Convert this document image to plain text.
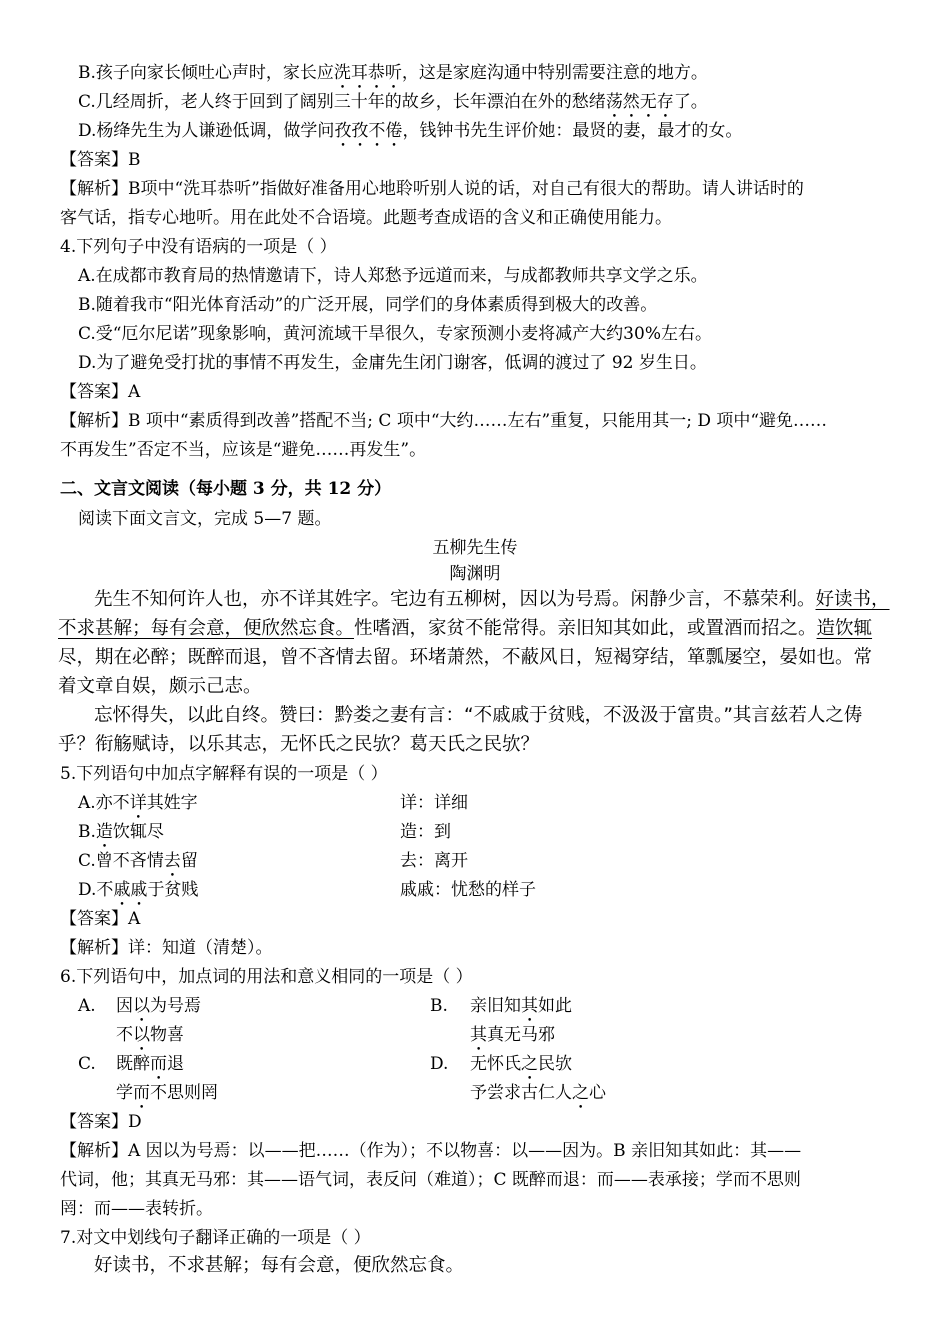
B.孩子向家长倾吐心声时，家长应洗耳恭听，这是家庭沟通中特别需要注意的地方。
C.几经周折，老人终于回到了阔别三十年的故乡，长年漂泊在外的愁绪荡然无存了。
D.杨绛先生为人谦逊低调，做学问孜孜不倦，钱钟书先生评价她：最贤的妻，最才的女。
【答案】B
【解析】B项中“洗耳恭听”指做好准备用心地聆听别人说的话，对自己有很大的帮助。请人讲话时的
客气话，指专心地听。用在此处不合语境。此题考查成语的含义和正确使用能力。
4.下列句子中没有语病的一项是（ ）
A.在成都市教育局的热情邀请下，诗人郑愁予远道而来，与成都教师共享文学之乐。
B.随着我市“阳光体育活动”的广泛开展，同学们的身体素质得到极大的改善。
C.受“厄尔尼诺”现象影响，黄河流域干旱很久，专家预测小麦将减产大约30%左右。
D.为了避免受打扰的事情不再发生，金庸先生闭门谢客，低调的渡过了 92 岁生日。
【答案】A
【解析】B 项中“素质得到改善”搭配不当; C 项中“大约……左右”重复，只能用其一; D 项中“避免……
不再发生”否定不当，应该是“避免……再发生”。
二、文言文阅读（每小题 3 分，共 12 分）
阅读下面文言文，完成 5—7 题。
五柳先生传
陶渊明
先生不知何许人也，亦不详其姓字。宅边有五柳树，因以为号焉。闲静少言，不慕荣利。好读书，
不求甚解；每有会意，便欣然忘食。性嗜酒，家贫不能常得。亲旧知其如此，或置酒而招之。造饮辄
尽，期在必醉；既醉而退，曾不吝情去留。环堵萧然，不蔽风日，短褐穿结，箪瓢屡空，晏如也。常
着文章自娱，颇示己志。
忘怀得失，以此自终。赞曰：黔娄之妻有言：“不戚戚于贫贱，不汲汲于富贵。”其言兹若人之俦
乎？衔觞赋诗，以乐其志，无怀氏之民欤？葛天氏之民欤？
5.下列语句中加点字解释有误的一项是（ ）
A.亦不详其姓字	详：详细
B.造饮辄尽	造：到
C.曾不吝情去留	去：离开
D.不戚戚于贫贱	戚戚：忧愁的样子
【答案】A
【解析】详：知道（清楚）。
6.下列语句中，加点词的用法和意义相同的一项是（ ）
A. 因以为号焉
不以物喜
B. 亲旧知其如此
其真无马邪
C. 既醉而退
学而不思则罔
D. 无怀氏之民欤
予尝求古仁人之心
【答案】D
【解析】A 因以为号焉：以——把……（作为）；不以物喜：以——因为。B 亲旧知其如此：其——
代词，他；其真无马邪：其——语气词，表反问（难道）；C 既醉而退：而——表承接；学而不思则
罔：而——表转折。
7.对文中划线句子翻译正确的一项是（ ）
好读书，不求甚解；每有会意，便欣然忘食。
